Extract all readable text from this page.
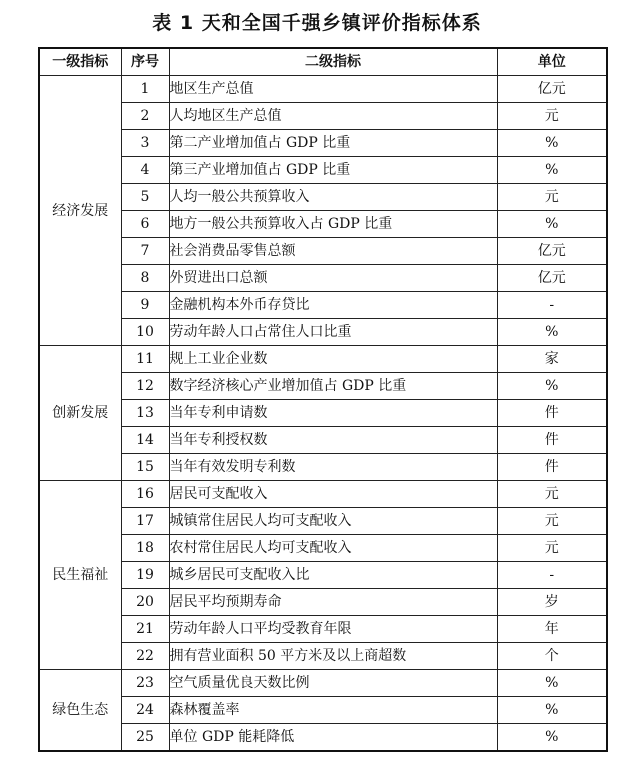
表 1 天和全国千强乡镇评价指标体系
一级指标	序号	二级指标	单位
经济发展	1	地区生产总值	亿元
	2	人均地区生产总值	元
	3	第二产业增加值占 GDP 比重	%
	4	第三产业增加值占 GDP 比重	%
	5	人均一般公共预算收入	元
	6	地方一般公共预算收入占 GDP 比重	%
	7	社会消费品零售总额	亿元
	8	外贸进出口总额	亿元
	9	金融机构本外币存贷比	-
	10	劳动年龄人口占常住人口比重	%
创新发展	11	规上工业企业数	家
	12	数字经济核心产业增加值占 GDP 比重	%
	13	当年专利申请数	件
	14	当年专利授权数	件
	15	当年有效发明专利数	件
民生福祉	16	居民可支配收入	元
	17	城镇常住居民人均可支配收入	元
	18	农村常住居民人均可支配收入	元
	19	城乡居民可支配收入比	-
	20	居民平均预期寿命	岁
	21	劳动年龄人口平均受教育年限	年
	22	拥有营业面积 50 平方米及以上商超数	个
绿色生态	23	空气质量优良天数比例	%
	24	森林覆盖率	%
	25	单位 GDP 能耗降低	%
